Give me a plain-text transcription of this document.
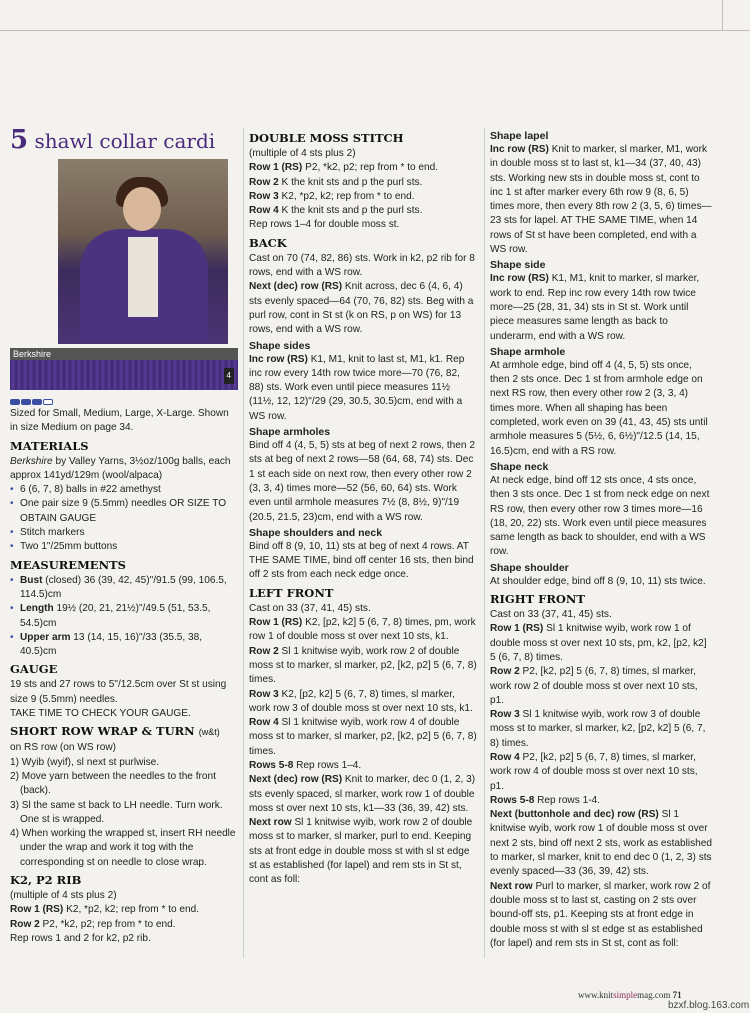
5 shawl collar cardi
Berkshire
4

Sized for Small, Medium, Large, X-Large. Shown in size Medium on page 34.

MATERIALS

Berkshire by Valley Yarns, 3½oz/100g balls, each approx 141yd/129m (wool/alpaca)

• 6 (6, 7, 8) balls in #22 amethyst
• One pair size 9 (5.5mm) needles OR SIZE TO OBTAIN GAUGE
• Stitch markers
• Two 1"/25mm buttons
MEASUREMENTS
• Bust (closed) 36 (39, 42, 45)"/91.5 (99, 106.5, 114.5)cm
• Length 19½ (20, 21, 21½)"/49.5 (51, 53.5, 54.5)cm
• Upper arm 13 (14, 15, 16)"/33 (35.5, 38, 40.5)cm
GAUGE

19 sts and 27 rows to 5"/12.5cm over St st using size 9 (5.5mm) needles.

TAKE TIME TO CHECK YOUR GAUGE.

SHORT ROW WRAP & TURN (w&t)

on RS row (on WS row)

1) Wyib (wyif), sl next st purlwise.
2) Move yarn between the needles to the front (back).
3) Sl the same st back to LH needle. Turn work. One st is wrapped.
4) When working the wrapped st, insert RH needle under the wrap and work it tog with the corresponding st on needle to close wrap.
K2, P2 RIB

(multiple of 4 sts plus 2)

Row 1 (RS) K2, *p2, k2; rep from * to end.

Row 2 P2, *k2, p2; rep from * to end.

Rep rows 1 and 2 for k2, p2 rib.

DOUBLE MOSS STITCH

(multiple of 4 sts plus 2)

Row 1 (RS) P2, *k2, p2; rep from * to end.

Row 2 K the knit sts and p the purl sts.

Row 3 K2, *p2, k2; rep from * to end.

Row 4 K the knit sts and p the purl sts.

Rep rows 1–4 for double moss st.

BACK

Cast on 70 (74, 82, 86) sts. Work in k2, p2 rib for 8 rows, end with a WS row.

Next (dec) row (RS) Knit across, dec 6 (4, 6, 4) sts evenly spaced—64 (70, 76, 82) sts. Beg with a purl row, cont in St st (k on RS, p on WS) for 13 rows, end with a WS row.

Shape sides

Inc row (RS) K1, M1, knit to last st, M1, k1. Rep inc row every 14th row twice more—70 (76, 82, 88) sts. Work even until piece measures 11½ (11½, 12, 12)"/29 (29, 30.5, 30.5)cm, end with a WS row.

Shape armholes

Bind off 4 (4, 5, 5) sts at beg of next 2 rows, then 2 sts at beg of next 2 rows—58 (64, 68, 74) sts. Dec 1 st each side on next row, then every other row 2 (3, 3, 4) times more—52 (56, 60, 64) sts. Work even until armhole measures 7½ (8, 8½, 9)"/19 (20.5, 21.5, 23)cm, end with a WS row.

Shape shoulders and neck

Bind off 8 (9, 10, 11) sts at beg of next 4 rows. AT THE SAME TIME, bind off center 16 sts, then bind off 2 sts from each neck edge once.

LEFT FRONT

Cast on 33 (37, 41, 45) sts.

Row 1 (RS) K2, [p2, k2] 5 (6, 7, 8) times, pm, work row 1 of double moss st over next 10 sts, k1.

Row 2 Sl 1 knitwise wyib, work row 2 of double moss st to marker, sl marker, p2, [k2, p2] 5 (6, 7, 8) times.

Row 3 K2, [p2, k2] 5 (6, 7, 8) times, sl marker, work row 3 of double moss st over next 10 sts, k1.

Row 4 Sl 1 knitwise wyib, work row 4 of double moss st to marker, sl marker, p2, [k2, p2] 5 (6, 7, 8) times.

Rows 5-8 Rep rows 1–4.

Next (dec) row (RS) Knit to marker, dec 0 (1, 2, 3) sts evenly spaced, sl marker, work row 1 of double moss st over next 10 sts, k1—33 (36, 39, 42) sts.

Next row Sl 1 knitwise wyib, work row 2 of double moss st to marker, sl marker, purl to end. Keeping sts at front edge in double moss st with sl st edge st as established (for lapel) and rem sts in St st, cont as foll:

Shape lapel

Inc row (RS) Knit to marker, sl marker, M1, work in double moss st to last st, k1—34 (37, 40, 43) sts. Working new sts in double moss st, cont to inc 1 st after marker every 6th row 9 (8, 6, 5) times more, then every 8th row 2 (3, 5, 6) times—23 sts for lapel. AT THE SAME TIME, when 14 rows of St st have been completed, end with a WS row.

Shape side

Inc row (RS) K1, M1, knit to marker, sl marker, work to end. Rep inc row every 14th row twice more—25 (28, 31, 34) sts in St st. Work until piece measures same length as back to underarm, end with a WS row.

Shape armhole

At armhole edge, bind off 4 (4, 5, 5) sts once, then 2 sts once. Dec 1 st from armhole edge on next RS row, then every other row 2 (3, 3, 4) times more. When all shaping has been completed, work even on 39 (41, 43, 45) sts until armhole measures 5 (5½, 6, 6½)"/12.5 (14, 15, 16.5)cm, end with a RS row.

Shape neck

At neck edge, bind off 12 sts once, 4 sts once, then 3 sts once. Dec 1 st from neck edge on next RS row, then every other row 3 times more—16 (18, 20, 22) sts. Work even until piece measures same length as back to shoulder, end with a WS row.

Shape shoulder

At shoulder edge, bind off 8 (9, 10, 11) sts twice.

RIGHT FRONT

Cast on 33 (37, 41, 45) sts.

Row 1 (RS) Sl 1 knitwise wyib, work row 1 of double moss st over next 10 sts, pm, k2, [p2, k2] 5 (6, 7, 8) times.

Row 2 P2, [k2, p2] 5 (6, 7, 8) times, sl marker, work row 2 of double moss st over next 10 sts, p1.

Row 3 Sl 1 knitwise wyib, work row 3 of double moss st to marker, sl marker, k2, [p2, k2] 5 (6, 7, 8) times.

Row 4 P2, [k2, p2] 5 (6, 7, 8) times, sl marker, work row 4 of double moss st over next 10 sts, p1.

Rows 5-8 Rep rows 1-4.

Next (buttonhole and dec) row (RS) Sl 1 knitwise wyib, work row 1 of double moss st over next 2 sts, bind off next 2 sts, work as established to marker, sl marker, knit to end dec 0 (1, 2, 3) sts evenly spaced—33 (36, 39, 42) sts.

Next row Purl to marker, sl marker, work row 2 of double moss st to last st, casting on 2 sts over bound-off sts, p1. Keeping sts at front edge in double moss st with sl st edge st as established (for lapel) and rem sts in St st, cont as foll:

www.knitsimplemag.com 71
bzxf.blog.163.com
